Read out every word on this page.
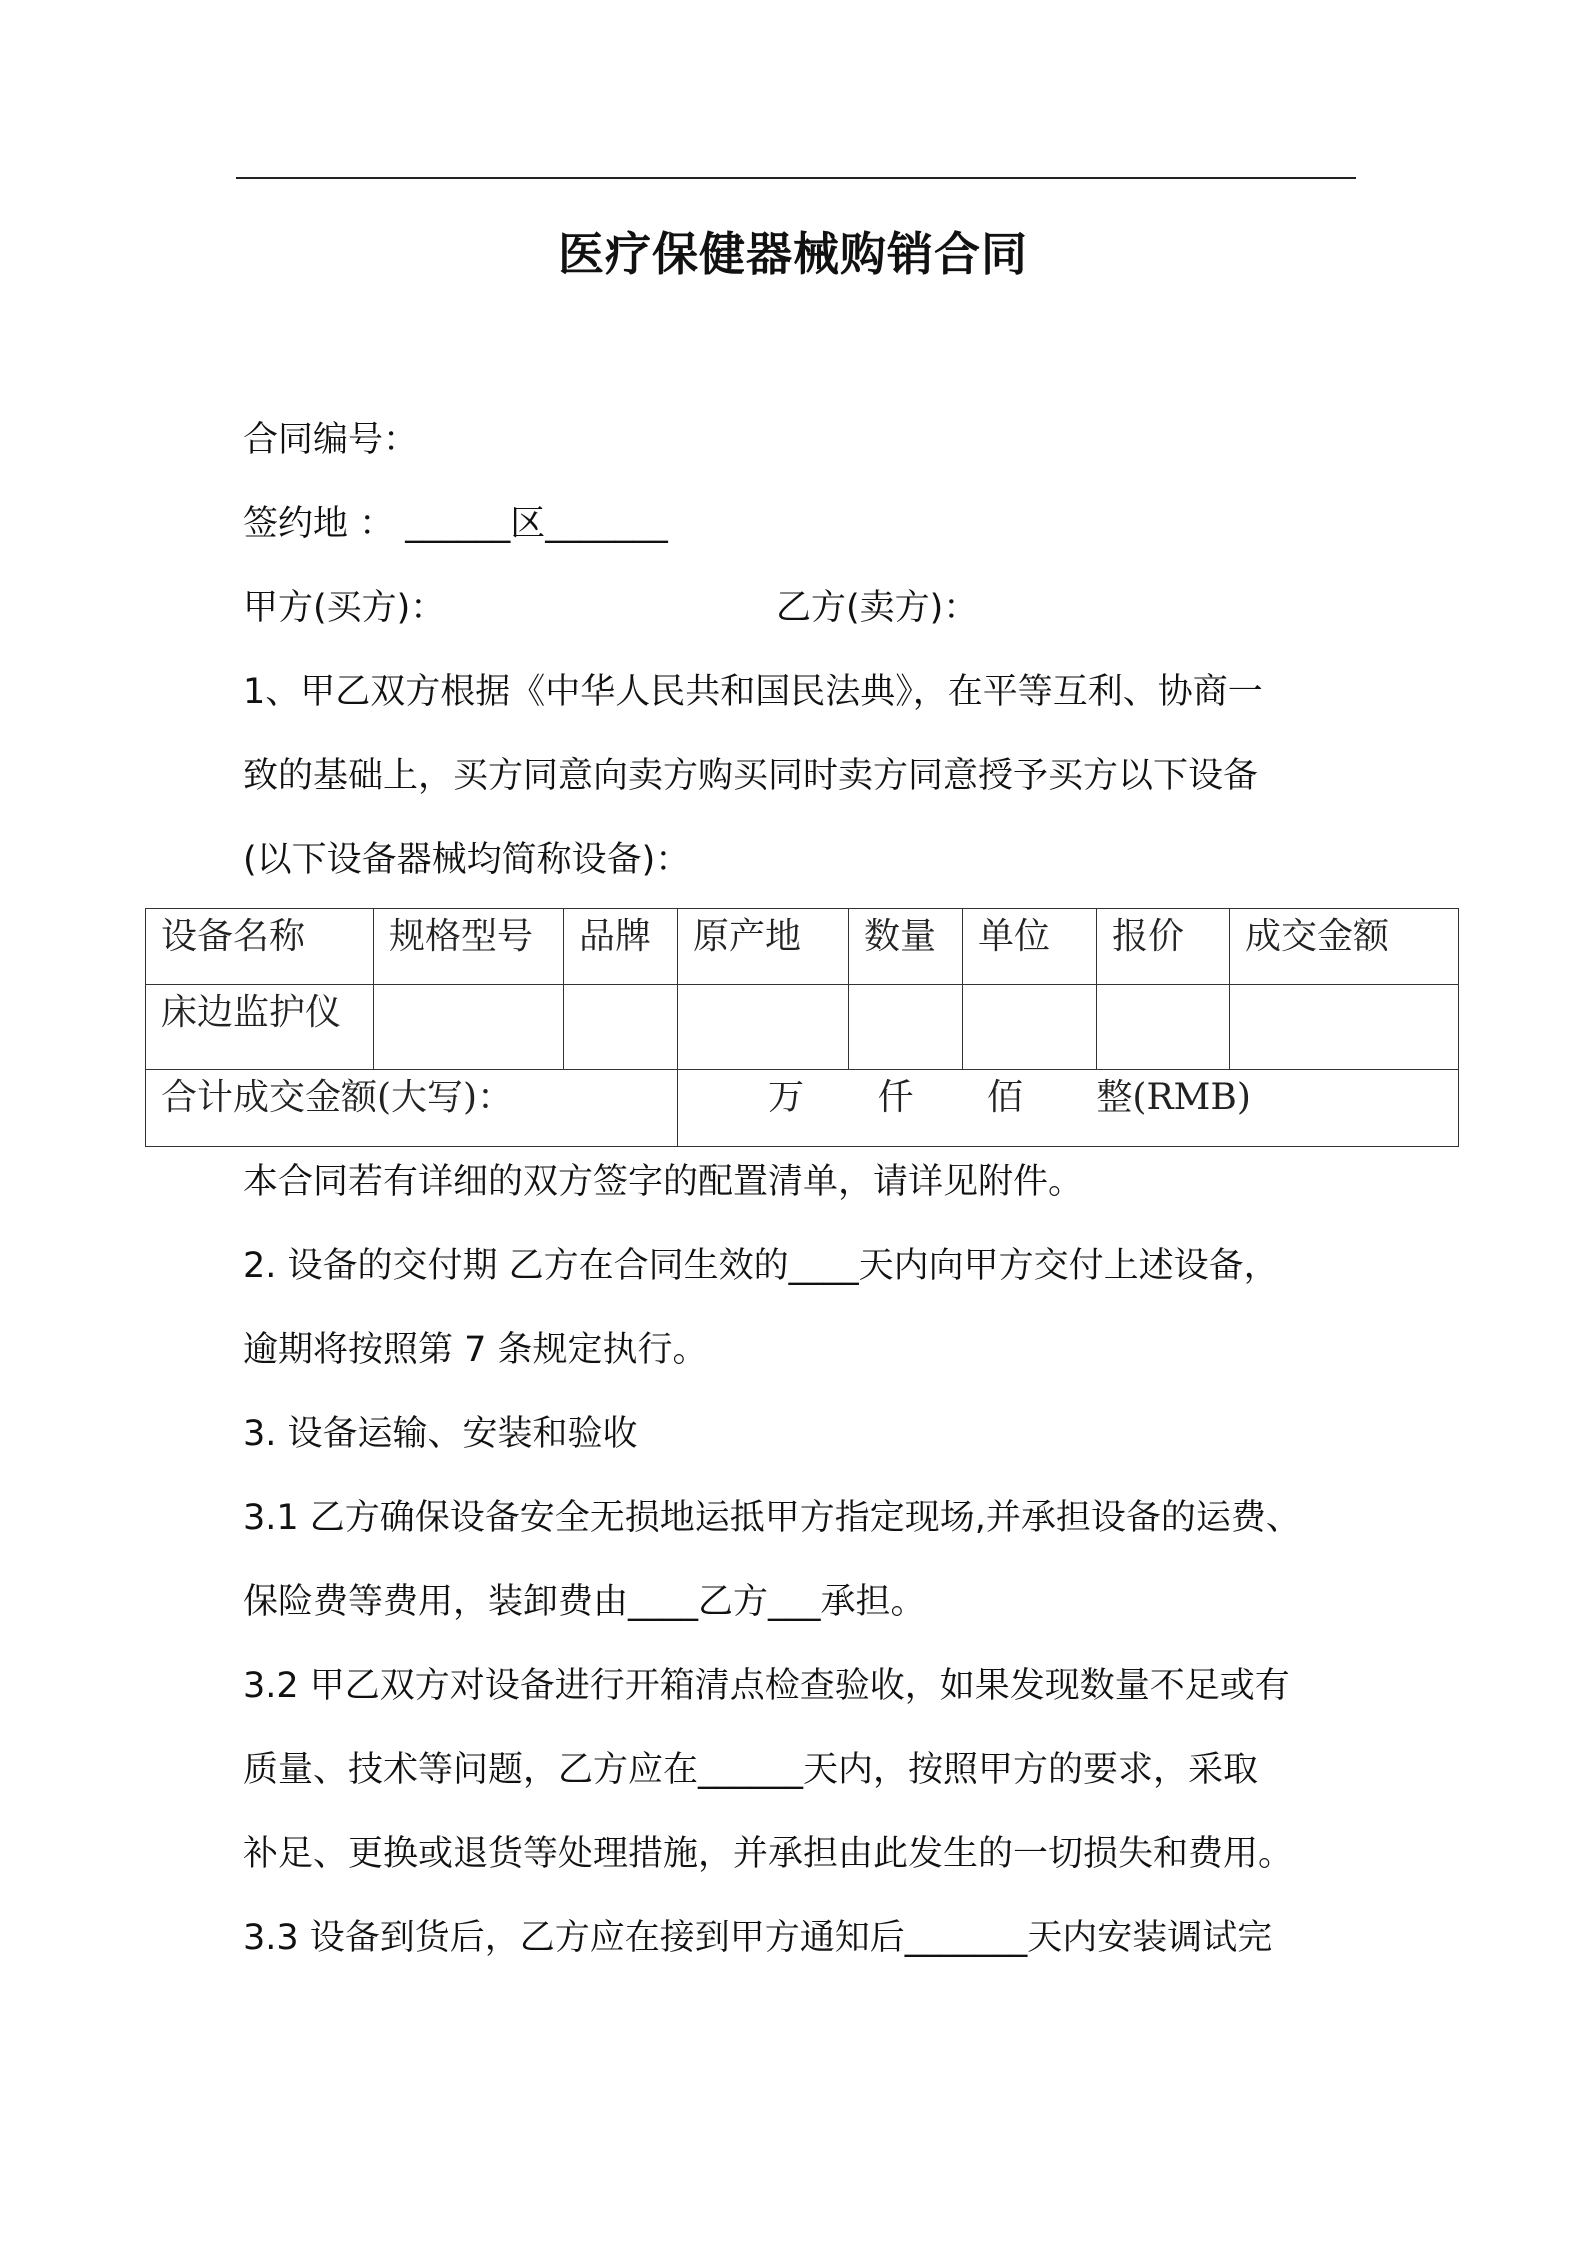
医疗保健器械购销合同
合同编号：
签约地 ： ______区_______
甲方(买方)：	乙方(卖方)：
1、甲乙双方根据《中华人民共和国民法典》，在平等互利、协商一
致的基础上，买方同意向卖方购买同时卖方同意授予买方以下设备
(以下设备器械均简称设备)：
设备名称	规格型号	品牌	原产地	数量	单位	报价	成交金额
床边监护仪							
合计成交金额(大写)：			万 仟 佰 整(RMB)				
本合同若有详细的双方签字的配置清单，请详见附件。
2. 设备的交付期 乙方在合同生效的____天内向甲方交付上述设备，
逾期将按照第 7 条规定执行。
3. 设备运输、安装和验收
3.1 乙方确保设备安全无损地运抵甲方指定现场,并承担设备的运费、
保险费等费用，装卸费由____乙方___承担。
3.2 甲乙双方对设备进行开箱清点检查验收，如果发现数量不足或有
质量、技术等问题，乙方应在______天内，按照甲方的要求，采取
补足、更换或退货等处理措施，并承担由此发生的一切损失和费用。
3.3 设备到货后，乙方应在接到甲方通知后_______天内安装调试完
